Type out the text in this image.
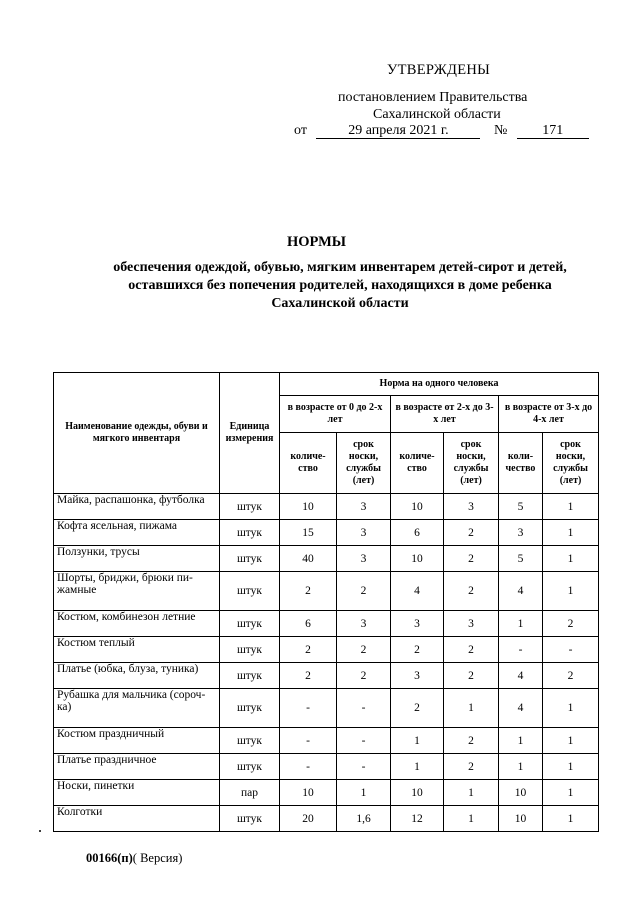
УТВЕРЖДЕНЫ
постановлением Правительства
Сахалинской области
от	29 апреля 2021 г.	№	171
НОРМЫ
обеспечения одеждой, обувью, мягким инвентарем детей-сирот и детей, оставшихся без попечения родителей, находящихся в доме ребенка Сахалинской области
Наименование одежды, обуви и мягкого инвентаря	Единица измерения	Норма на одного человека					
		в возрасте от 0 до 2-х лет		в возрасте от 2-х до 3-х лет		в возрасте от 3-х до 4-х лет	
		количе-ство	срок носки, службы (лет)	количе-ство	срок носки, службы (лет)	коли-чество	срок носки, службы (лет)
Майка, распашонка, футболка	штук	10	3	10	3	5	1
Кофта ясельная, пижама	штук	15	3	6	2	3	1
Ползунки, трусы	штук	40	3	10	2	5	1
Шорты, бриджи, брюки пи-жамные	штук	2	2	4	2	4	1
Костюм, комбинезон летние	штук	6	3	3	3	1	2
Костюм теплый	штук	2	2	2	2	-	-
Платье (юбка, блуза, туника)	штук	2	2	3	2	4	2
Рубашка для мальчика (сороч-ка)	штук	-	-	2	1	4	1
Костюм праздничный	штук	-	-	1	2	1	1
Платье праздничное	штук	-	-	1	2	1	1
Носки, пинетки	пар	10	1	10	1	10	1
Колготки	штук	20	1,6	12	1	10	1
00166(п)( Версия)
